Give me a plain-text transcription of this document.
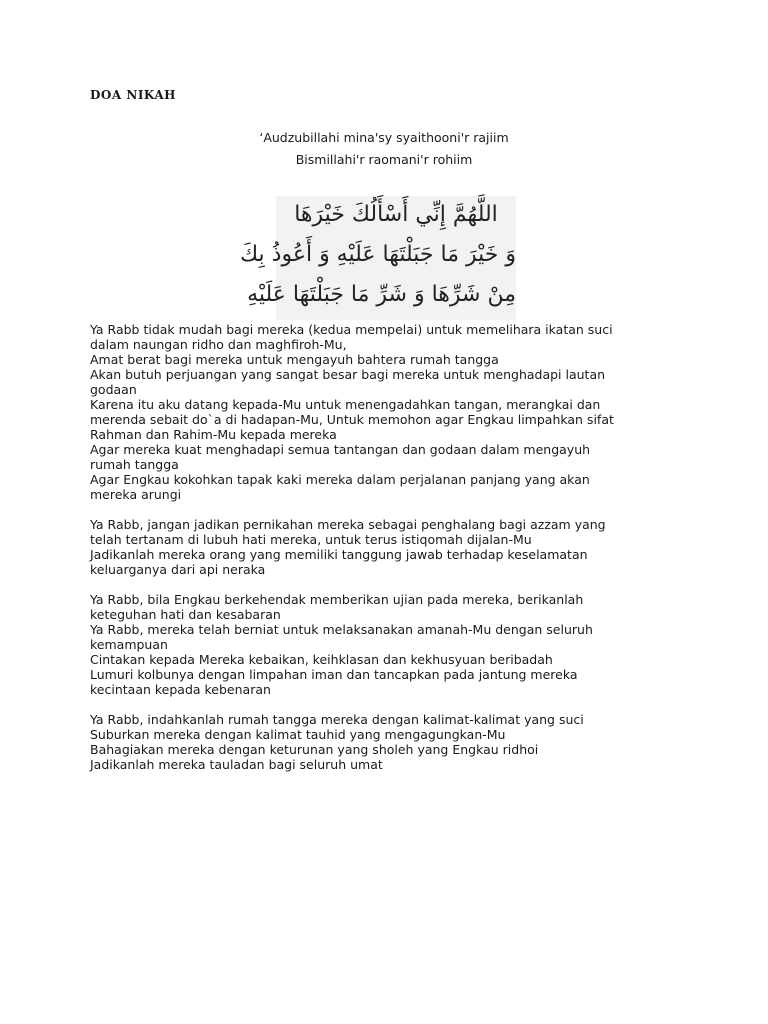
DOA NIKAH
‘Audzubillahi mina'sy syaithooni'r rajiim
Bismillahi'r raomani'r rohiim
اللَّهُمَّ إِنِّي أَسْأَلُكَ خَيْرَهَا
وَ خَيْرَ مَا جَبَلْتَهَا عَلَيْهِ وَ أَعُوذُ بِكَ
مِنْ شَرِّهَا وَ شَرِّ مَا جَبَلْتَهَا عَلَيْهِ
Ya Rabb tidak mudah bagi mereka (kedua mempelai) untuk memelihara ikatan suci
dalam naungan ridho dan maghfiroh-Mu,
Amat berat bagi mereka untuk mengayuh bahtera rumah tangga
Akan butuh perjuangan yang sangat besar bagi mereka untuk menghadapi lautan
godaan
Karena itu aku datang kepada-Mu untuk menengadahkan tangan, merangkai dan
merenda sebait do`a di hadapan-Mu, Untuk memohon agar Engkau limpahkan sifat
Rahman dan Rahim-Mu kepada mereka
Agar mereka kuat menghadapi semua tantangan dan godaan dalam mengayuh
rumah tangga
Agar Engkau kokohkan tapak kaki mereka dalam perjalanan panjang yang akan
mereka arungi
Ya Rabb, jangan jadikan pernikahan mereka sebagai penghalang bagi azzam yang
telah tertanam di lubuh hati mereka, untuk terus istiqomah dijalan-Mu
Jadikanlah mereka orang yang memiliki tanggung jawab terhadap keselamatan
keluarganya dari api neraka
Ya Rabb, bila Engkau berkehendak memberikan ujian pada mereka, berikanlah
keteguhan hati dan kesabaran
Ya Rabb, mereka telah berniat untuk melaksanakan amanah-Mu dengan seluruh
kemampuan
Cintakan kepada Mereka kebaikan, keihklasan dan kekhusyuan beribadah
Lumuri kolbunya dengan limpahan iman dan tancapkan pada jantung mereka
kecintaan kepada kebenaran
Ya Rabb, indahkanlah rumah tangga mereka dengan kalimat-kalimat yang suci
Suburkan mereka dengan kalimat tauhid yang mengagungkan-Mu
Bahagiakan mereka dengan keturunan yang sholeh yang Engkau ridhoi
Jadikanlah mereka tauladan bagi seluruh umat
